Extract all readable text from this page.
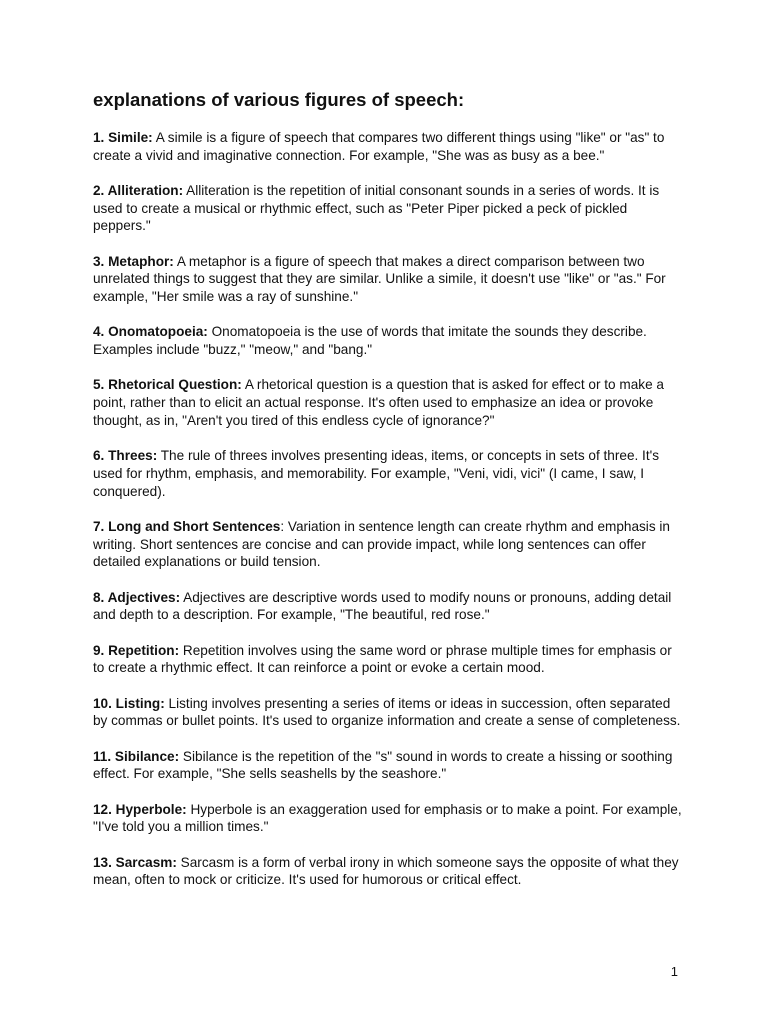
explanations of various figures of speech:

1. Simile: A simile is a figure of speech that compares two different things using "like" or "as" to create a vivid and imaginative connection. For example, "She was as busy as a bee."

2. Alliteration: Alliteration is the repetition of initial consonant sounds in a series of words. It is used to create a musical or rhythmic effect, such as "Peter Piper picked a peck of pickled peppers."

3. Metaphor: A metaphor is a figure of speech that makes a direct comparison between two unrelated things to suggest that they are similar. Unlike a simile, it doesn't use "like" or "as." For example, "Her smile was a ray of sunshine."

4. Onomatopoeia: Onomatopoeia is the use of words that imitate the sounds they describe. Examples include "buzz," "meow," and "bang."

5. Rhetorical Question: A rhetorical question is a question that is asked for effect or to make a point, rather than to elicit an actual response. It's often used to emphasize an idea or provoke thought, as in, "Aren't you tired of this endless cycle of ignorance?"

6. Threes: The rule of threes involves presenting ideas, items, or concepts in sets of three. It's used for rhythm, emphasis, and memorability. For example, "Veni, vidi, vici" (I came, I saw, I conquered).

7. Long and Short Sentences: Variation in sentence length can create rhythm and emphasis in writing. Short sentences are concise and can provide impact, while long sentences can offer detailed explanations or build tension.

8. Adjectives: Adjectives are descriptive words used to modify nouns or pronouns, adding detail and depth to a description. For example, "The beautiful, red rose."

9. Repetition: Repetition involves using the same word or phrase multiple times for emphasis or to create a rhythmic effect. It can reinforce a point or evoke a certain mood.

10. Listing: Listing involves presenting a series of items or ideas in succession, often separated by commas or bullet points. It's used to organize information and create a sense of completeness.

11. Sibilance: Sibilance is the repetition of the "s" sound in words to create a hissing or soothing effect. For example, "She sells seashells by the seashore."

12. Hyperbole: Hyperbole is an exaggeration used for emphasis or to make a point. For example, "I've told you a million times."

13. Sarcasm: Sarcasm is a form of verbal irony in which someone says the opposite of what they mean, often to mock or criticize. It's used for humorous or critical effect.

1
